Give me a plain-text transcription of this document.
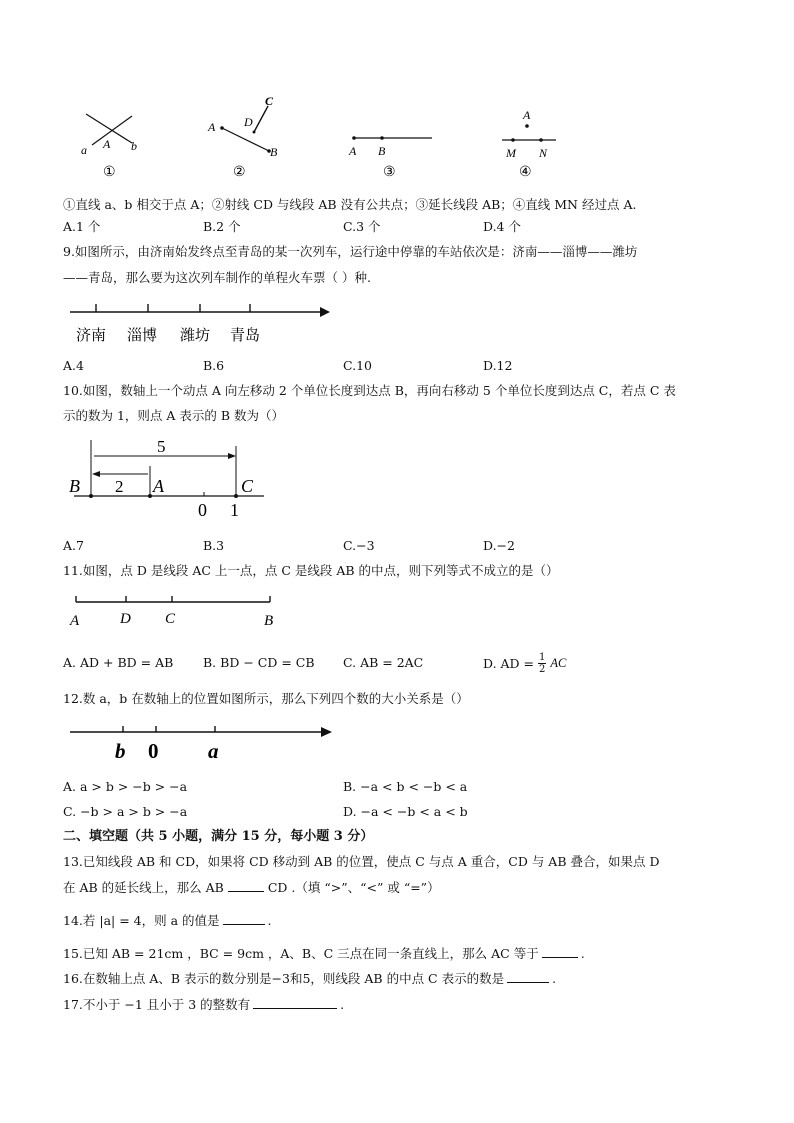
a A b
①
A D
C
B
②
A B
③
A
M N
④
①直线 a、b 相交于点 A；②射线 CD 与线段 AB 没有公共点；③延长线段 AB；④直线 MN 经过点 A.
A.1 个	B.2 个	C.3 个	D.4 个
9.如图所示，由济南始发终点至青岛的某一次列车，运行途中停靠的车站依次是：济南——淄博——潍坊
——青岛，那么要为这次列车制作的单程火车票（ ）种.
济南 淄博 潍坊 青岛
A.4	B.6	C.10	D.12
10.如图，数轴上一个动点 A 向左移动 2 个单位长度到达点 B，再向右移动 5 个单位长度到达点 C，若点 C 表
示的数为 1，则点 A 表示的 B 数为（）
5
2
B	A	C
0 1
A.7	B.3	C.−3	D.−2
11.如图，点 D 是线段 AC 上一点，点 C 是线段 AB 的中点，则下列等式不成立的是（）
A	D C	B
A. AD + BD = AB B. BD − CD = CB C. AB = 2AC	D. AD = $\frac{1}{2}$ AC
12.数 a，b 在数轴上的位置如图所示，那么下列四个数的大小关系是（）
b 0 a
A. a > b > −b > −a	B. −a < b < −b < a
C. −b > a > b > −a	D. −a < −b < a < b
二、填空题（共 5 小题，满分 15 分，每小题 3 分）
13.已知线段 AB 和 CD，如果将 CD 移动到 AB 的位置，使点 C 与点 A 重合，CD 与 AB 叠合，如果点 D
在 AB 的延长线上，那么 AB	CD .（填 “>”、“<” 或 “=”）
14.若 |a| = 4，则 a 的值是	.
15.已知 AB = 21cm ，BC = 9cm ，A、B、C 三点在同一条直线上，那么 AC 等于	.
16.在数轴上点 A、B 表示的数分别是−3和5，则线段 AB 的中点 C 表示的数是	.
17.不小于 −1 且小于 3 的整数有	.
